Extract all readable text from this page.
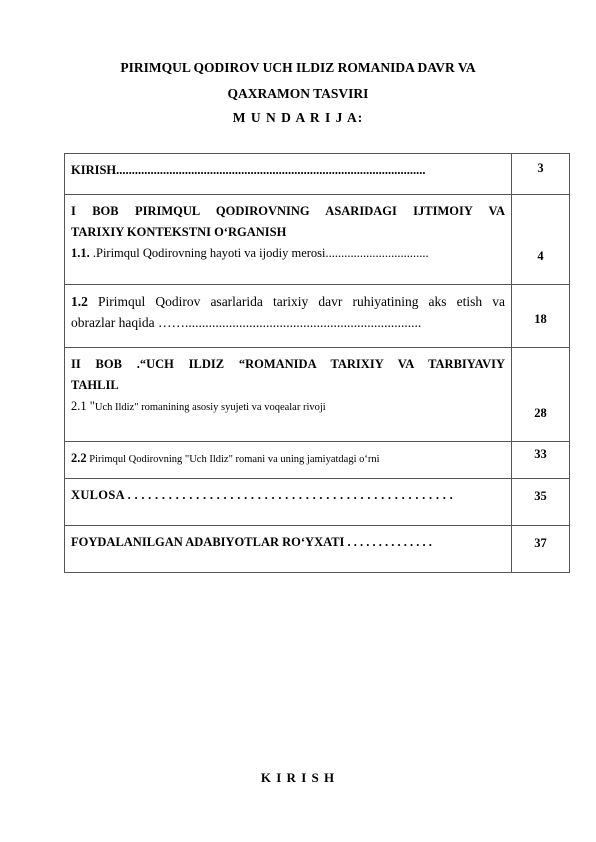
PIRIMQUL QODIROV UCH ILDIZ ROMANIDA DAVR VA
QAXRAMON TASVIRI
M U N D A R I J A:
KIRISH...................................................................................................	3

I BOB PIRIMQUL QODIROVNING ASARIDAGI IJTIMOIY VA
TARIXIY KONTEKSTNI O‘RGANISH
1.1. .Pirimqul Qodirovning hayoti va ijodiy merosi.................................	4

1.2 Pirimqul Qodirov asarlarida tarixiy davr ruhiyatining aks etish va
obrazlar haqida ……......................................................................	18

II BOB .“UCH ILDIZ “ROMANIDA TARIXIY VA TARBIYAVIY
TAHLIL
2.1 "Uch Ildiz" romanining asosiy syujeti va voqealar rivoji	28

2.2 Pirimqul Qodirovning "Uch Ildiz" romani va uning jamiyatdagi o‘rni	33

XULOSA . . . . . . . . . . . . . . . . . . . . . . . . . . . . . . . . . . . . . . . . . . . . . . . .	35

FOYDALANILGAN ADABIYOTLAR RO‘YXATI . . . . . . . . . . . . . .	37
K I R I S H
